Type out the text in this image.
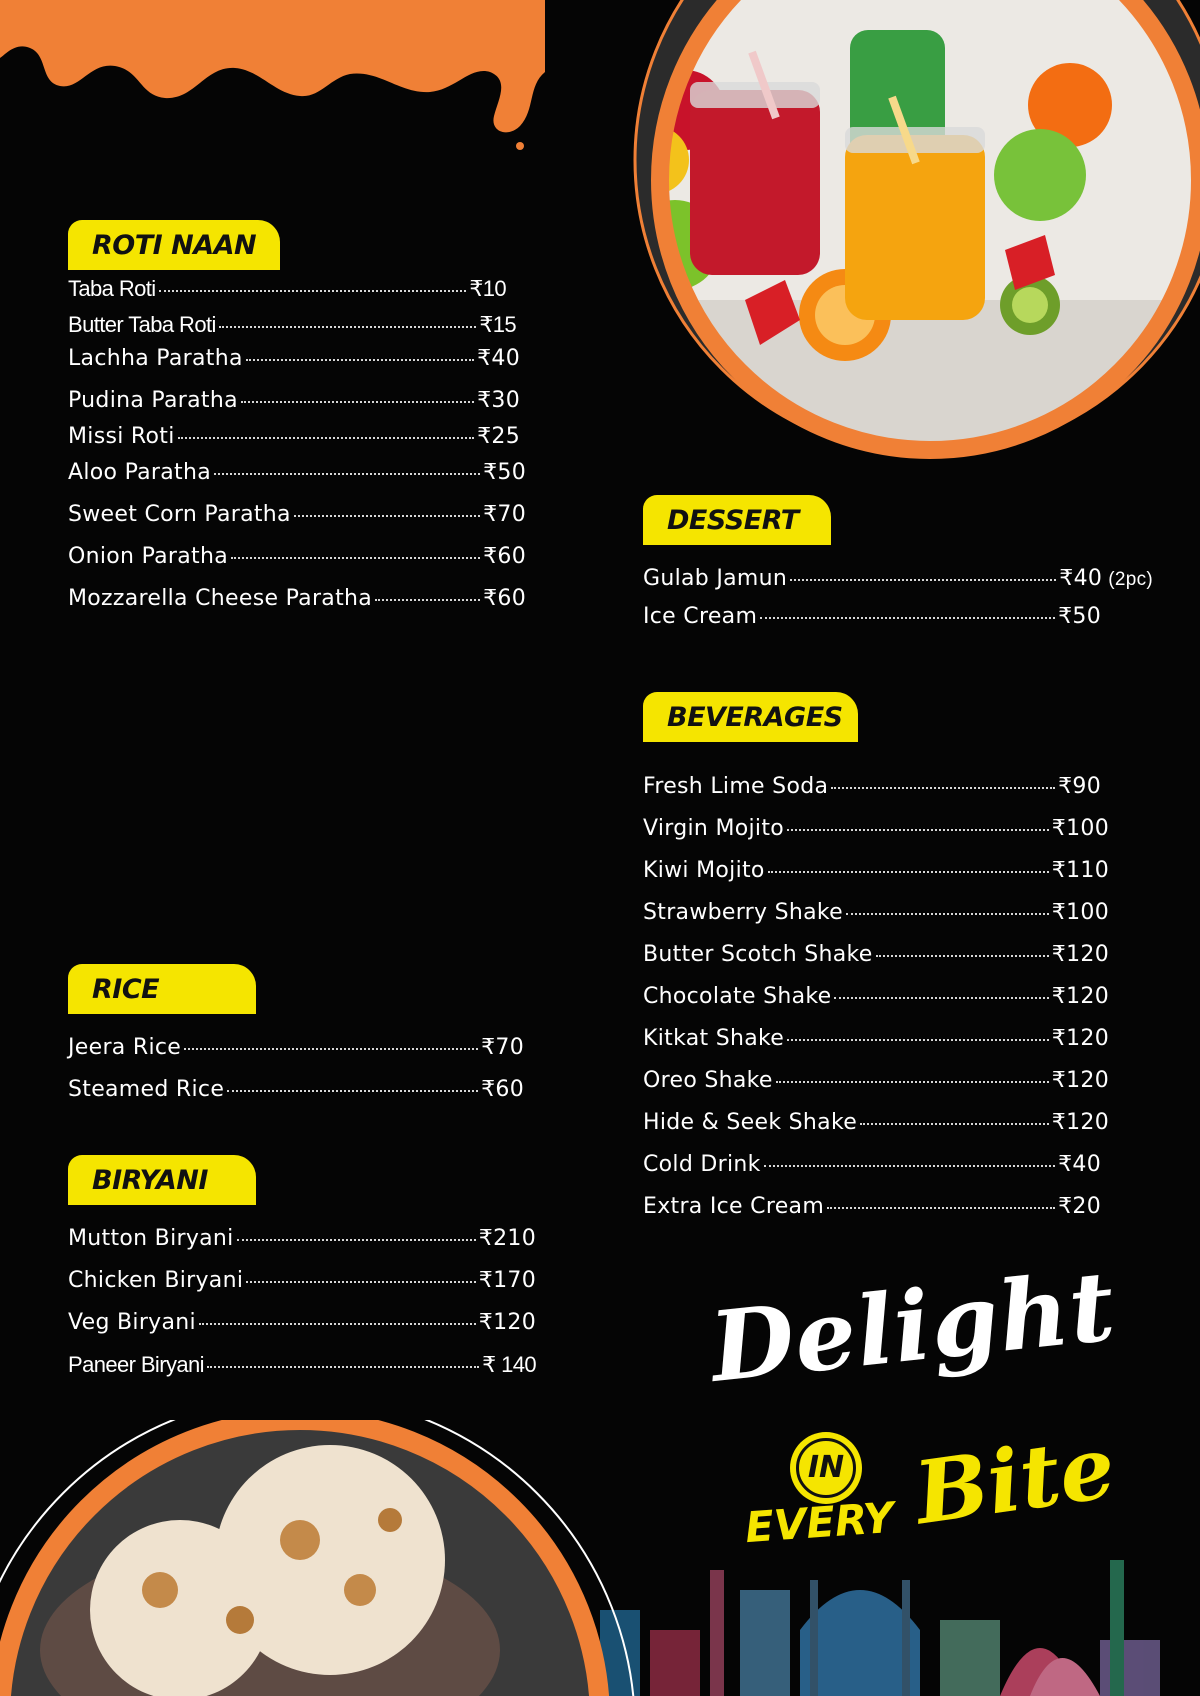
ROTI NAAN
Taba Roti	₹10
Butter Taba Roti	₹15
Lachha Paratha	₹40
Pudina Paratha	₹30
Missi Roti	₹25
Aloo Paratha	₹50
Sweet Corn Paratha	₹70
Onion Paratha	₹60
Mozzarella Cheese Paratha	₹60
RICE
Jeera Rice	₹70
Steamed Rice	₹60
BIRYANI
Mutton Biryani	₹210
Chicken Biryani	₹170
Veg Biryani	₹120
Paneer Biryani	₹ 140
DESSERT
Gulab Jamun	₹40 (2pc)
Ice Cream	₹50
BEVERAGES
Fresh Lime Soda	₹90
Virgin Mojito	₹100
Kiwi Mojito	₹110
Strawberry Shake	₹100
Butter Scotch Shake	₹120
Chocolate Shake	₹120
Kitkat Shake	₹120
Oreo Shake	₹120
Hide & Seek Shake	₹120
Cold Drink	₹40
Extra Ice Cream	₹20
Delight
IN
EVERY Bite
